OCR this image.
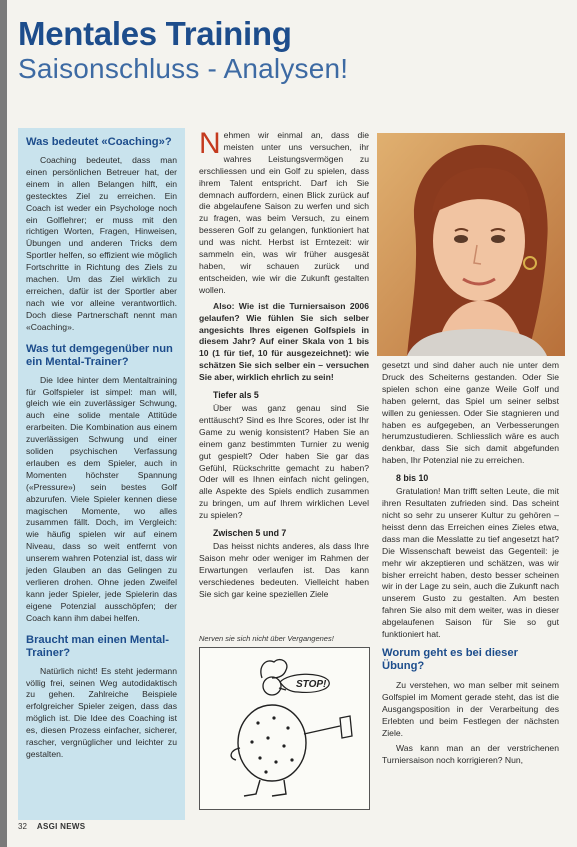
Mentales Training
Saisonschluss - Analysen!
Was bedeutet «Coaching»?
Coaching bedeutet, dass man einen persönlichen Betreuer hat, der einem in allen Belangen hilft, ein gestecktes Ziel zu erreichen. Ein Coach ist weder ein Psychologe noch ein Golflehrer; er muss mit den richtigen Worten, Fragen, Hinweisen, Übungen und anderen Tricks dem Sportler helfen, so effizient wie möglich Fortschritte in Richtung des Ziels zu machen. Um das Ziel wirklich zu erreichen, dafür ist der Sportler aber nach wie vor alleine verantwortlich. Doch diese Partnerschaft nennt man «Coaching».
Was tut demgegenüber nun ein Mental-Trainer?
Die Idee hinter dem Mentaltraining für Golfspieler ist simpel: man will, gleich wie ein zuverlässiger Schwung, auch eine solide mentale Attitüde erarbeiten. Die Kombination aus einem zuverlässigen Schwung und einer soliden psychischen Verfassung erlauben es dem Spieler, auch in Momenten höchster Spannung («Pressure») sein bestes Golf abzurufen. Viele Spieler kennen diese magischen Momente, wo alles zusammen fällt. Doch, im Vergleich: wie häufig spielen wir auf einem Niveau, dass so weit entfernt von unserem wahren Potenzial ist, dass wir jeden Glauben an das Gelingen zu verlieren drohen. Ohne jeden Zweifel kann jeder Spieler, jede Spielerin das eigene Potenzial ausschöpfen; der Coach kann ihm dabei helfen.
Braucht man einen Mental-Trainer?
Natürlich nicht! Es steht jedermann völlig frei, seinen Weg autodidaktisch zu gehen. Zahlreiche Beispiele erfolgreicher Spieler zeigen, dass das möglich ist. Die Idee des Coaching ist es, diesen Prozess einfacher, sicherer, rascher, vergnüglicher und leichter zu gestalten.
Nehmen wir einmal an, dass die meisten unter uns versuchen, ihr wahres Leistungsvermögen zu erschliessen und ein Golf zu spielen, dass ihrem Talent entspricht. Darf ich Sie demnach auffordern, einen Blick zurück auf die abgelaufene Saison zu werfen und sich zu fragen, was beim Versuch, zu einem besseren Golf zu gelangen, funktioniert hat und was nicht. Herbst ist Erntezeit: wir sammeln ein, was wir früher ausgesät haben, wir schauen zurück und entscheiden, wie wir die Zukunft gestalten wollen.
Also: Wie ist die Turniersaison 2006 gelaufen? Wie fühlen Sie sich selber angesichts Ihres eigenen Golfspiels in diesem Jahr? Auf einer Skala von 1 bis 10 (1 für tief, 10 für ausgezeichnet): wie schätzen Sie sich selber ein – versuchen Sie aber, wirklich ehrlich zu sein!
Tiefer als 5
Über was ganz genau sind Sie enttäuscht? Sind es Ihre Scores, oder ist Ihr Game zu wenig konsistent? Haben Sie an einem ganz bestimmten Turnier zu wenig gut gespielt? Oder haben Sie gar das Gefühl, Rückschritte gemacht zu haben? Oder will es Ihnen einfach nicht gelingen, alle Aspekte des Spiels endlich zusammen zu bringen, um auf Ihrem wirklichen Level zu spielen?
Zwischen 5 und 7
Das heisst nichts anderes, als dass Ihre Saison mehr oder weniger im Rahmen der Erwartungen verlaufen ist. Das kann verschiedenes bedeuten. Vielleicht haben Sie sich gar keine speziellen Ziele
gesetzt und sind daher auch nie unter dem Druck des Scheiterns gestanden. Oder Sie spielen schon eine ganze Weile Golf und haben gelernt, das Spiel um seiner selbst willen zu geniessen. Oder Sie stagnieren und haben es aufgegeben, an Verbesserungen herumzustudieren. Schliesslich wäre es auch denkbar, dass Sie sich damit abgefunden haben, Ihr Potenzial nie zu erreichen.
8 bis 10
Gratulation! Man trifft selten Leute, die mit ihren Resultaten zufrieden sind. Das scheint nicht so sehr zu unserer Kultur zu gehören – heisst denn das Erreichen eines Zieles etwa, dass man die Messlatte zu tief angesetzt hat? Die Wissenschaft beweist das Gegenteil: je mehr wir akzeptieren und schätzen, was wir bisher erreicht haben, desto besser scheinen wir in der Lage zu sein, auch die Zukunft nach unserem Gusto zu gestalten. Am besten fahren Sie also mit dem weiter, was in dieser abgelaufenen Saison für Sie so gut funktioniert hat.
Worum geht es bei dieser Übung?
Zu verstehen, wo man selber mit seinem Golfspiel im Moment gerade steht, das ist die Ausgangsposition in der Verarbeitung des Erlebten und beim Festlegen der nächsten Ziele.
Was kann man an der verstrichenen Turniersaison noch korrigieren? Nun,
Nerven sie sich nicht über Vergangenes!
STOP!
32 ASGI NEWS
